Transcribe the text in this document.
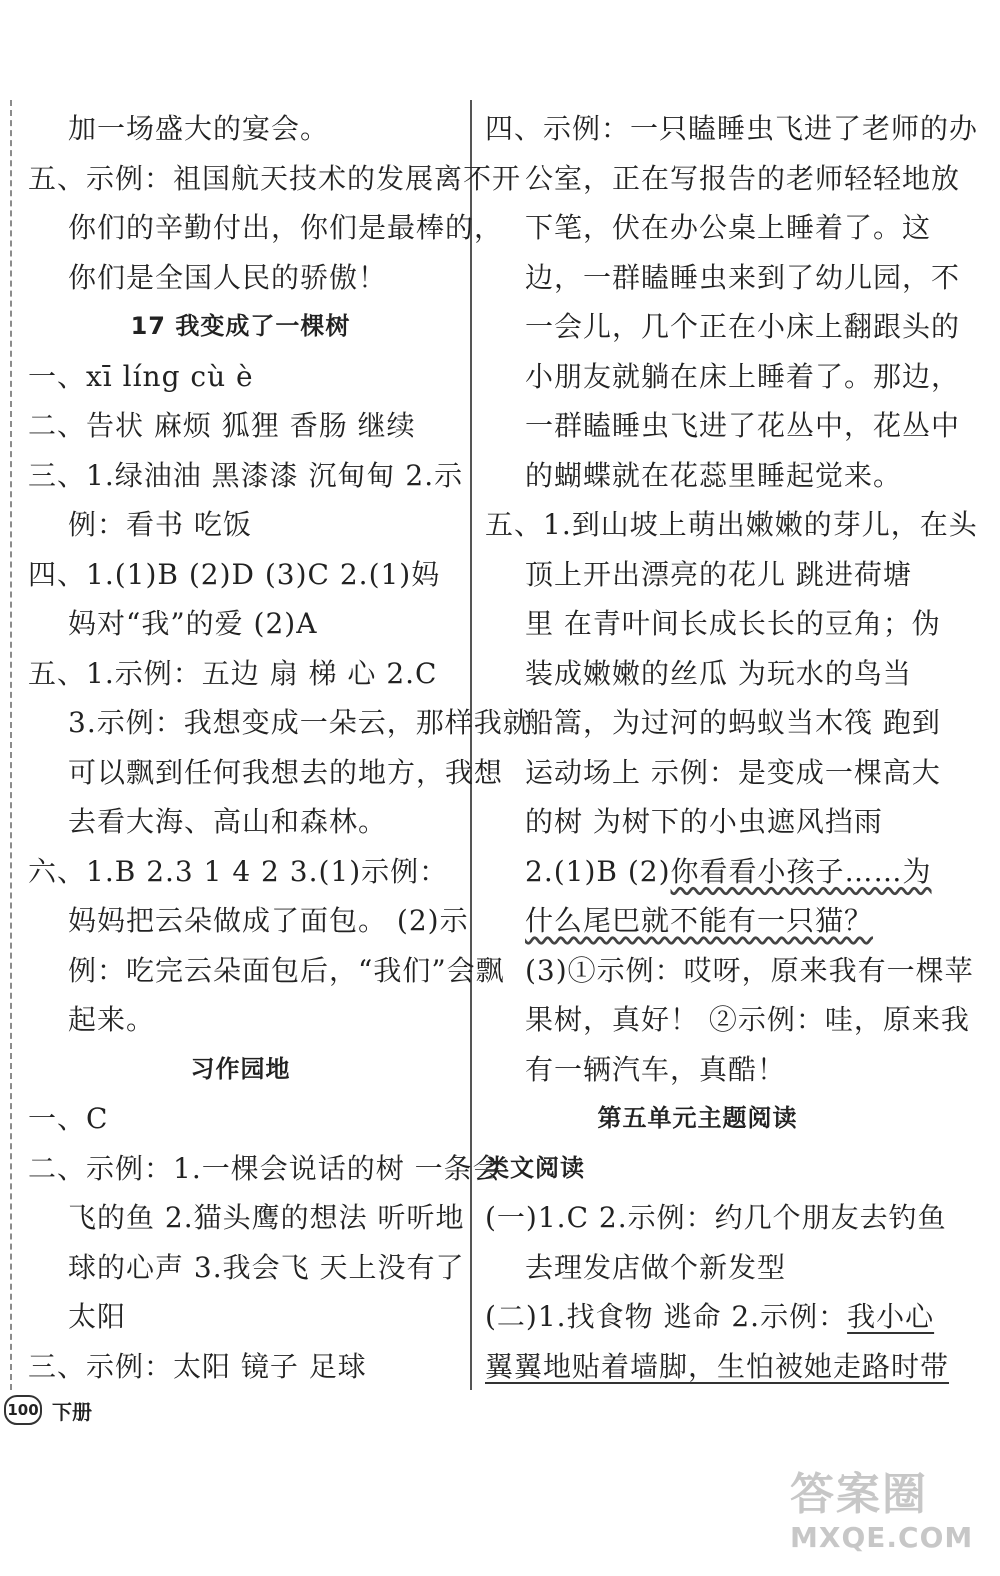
加一场盛大的宴会。
五、示例：祖国航天技术的发展离不开
你们的辛勤付出，你们是最棒的，
你们是全国人民的骄傲！
17 我变成了一棵树
一、xī líng cù è
二、告状 麻烦 狐狸 香肠 继续
三、1.绿油油 黑漆漆 沉甸甸 2.示
例：看书 吃饭
四、1.(1)B (2)D (3)C 2.(1)妈
妈对“我”的爱 (2)A
五、1.示例：五边 扇 梯 心 2.C
3.示例：我想变成一朵云，那样我就
可以飘到任何我想去的地方，我想
去看大海、高山和森林。
六、1.B 2.3 1 4 2 3.(1)示例：
妈妈把云朵做成了面包。 (2)示
例：吃完云朵面包后，“我们”会飘
起来。
习作园地
一、C
二、示例：1.一棵会说话的树 一条会
飞的鱼 2.猫头鹰的想法 听听地
球的心声 3.我会飞 天上没有了
太阳
三、示例：太阳 镜子 足球
四、示例：一只瞌睡虫飞进了老师的办
公室，正在写报告的老师轻轻地放
下笔，伏在办公桌上睡着了。这
边，一群瞌睡虫来到了幼儿园，不
一会儿，几个正在小床上翻跟头的
小朋友就躺在床上睡着了。那边，
一群瞌睡虫飞进了花丛中，花丛中
的蝴蝶就在花蕊里睡起觉来。
五、1.到山坡上萌出嫩嫩的芽儿，在头
顶上开出漂亮的花儿 跳进荷塘
里 在青叶间长成长长的豆角；伪
装成嫩嫩的丝瓜 为玩水的鸟当
船篙，为过河的蚂蚁当木筏 跑到
运动场上 示例：是变成一棵高大
的树 为树下的小虫遮风挡雨
2.(1)B (2)你看看小孩子……为
什么尾巴就不能有一只猫？
(3)①示例：哎呀，原来我有一棵苹
果树，真好！ ②示例：哇，原来我
有一辆汽车，真酷！
第五单元主题阅读
类文阅读
(一)1.C 2.示例：约几个朋友去钓鱼
去理发店做个新发型
(二)1.找食物 逃命 2.示例：我小心
翼翼地贴着墙脚，生怕被她走路时带
100 下册
答案圈
MXQE.COM
